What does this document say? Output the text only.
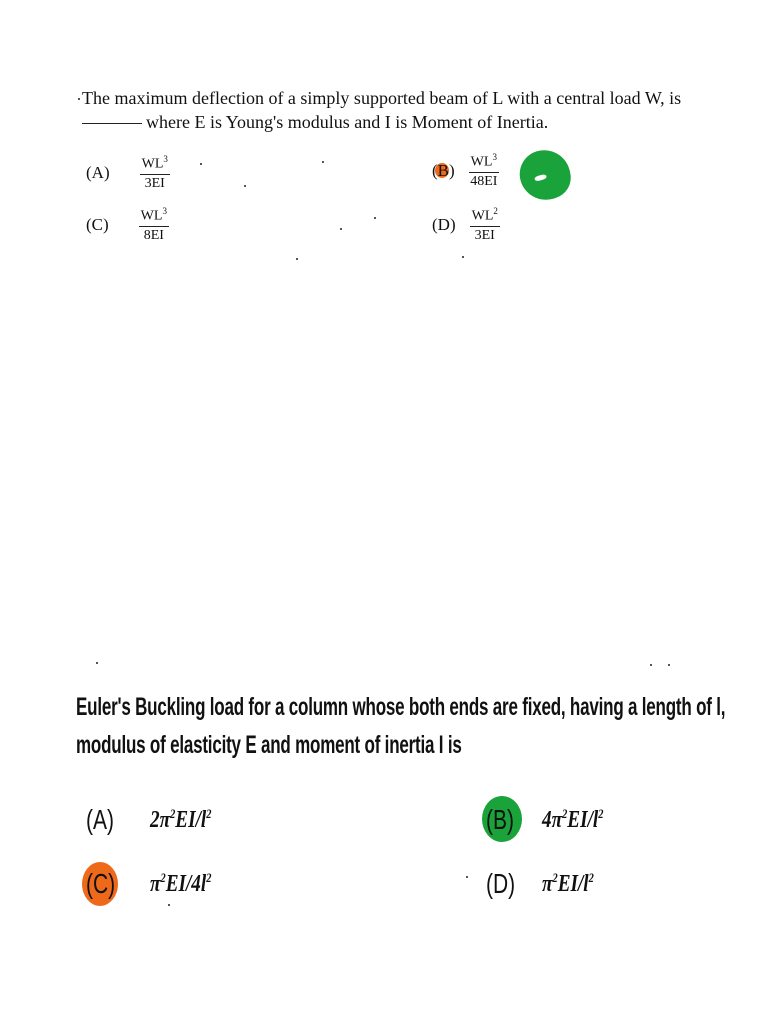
The maximum deflection of a simply supported beam of L with a central load W, is
where E is Young's modulus and I is Moment of Inertia.
$(A) \frac{WL^3}{3EI}$	$(B) \frac{WL^3}{48EI}$
$(C) \frac{WL^3}{8EI}$	$(D) \frac{WL^2}{3EI}$
Euler's Buckling load for a column whose both ends are fixed, having a length of l,
modulus of elasticity E and moment of inertia I is
(A)	$2\pi^2EI/l^2$	(B)	$4\pi^2EI/l^2$
(C)	$\pi^2EI/4l^2$	(D)	$\pi^2EI/l^2$
